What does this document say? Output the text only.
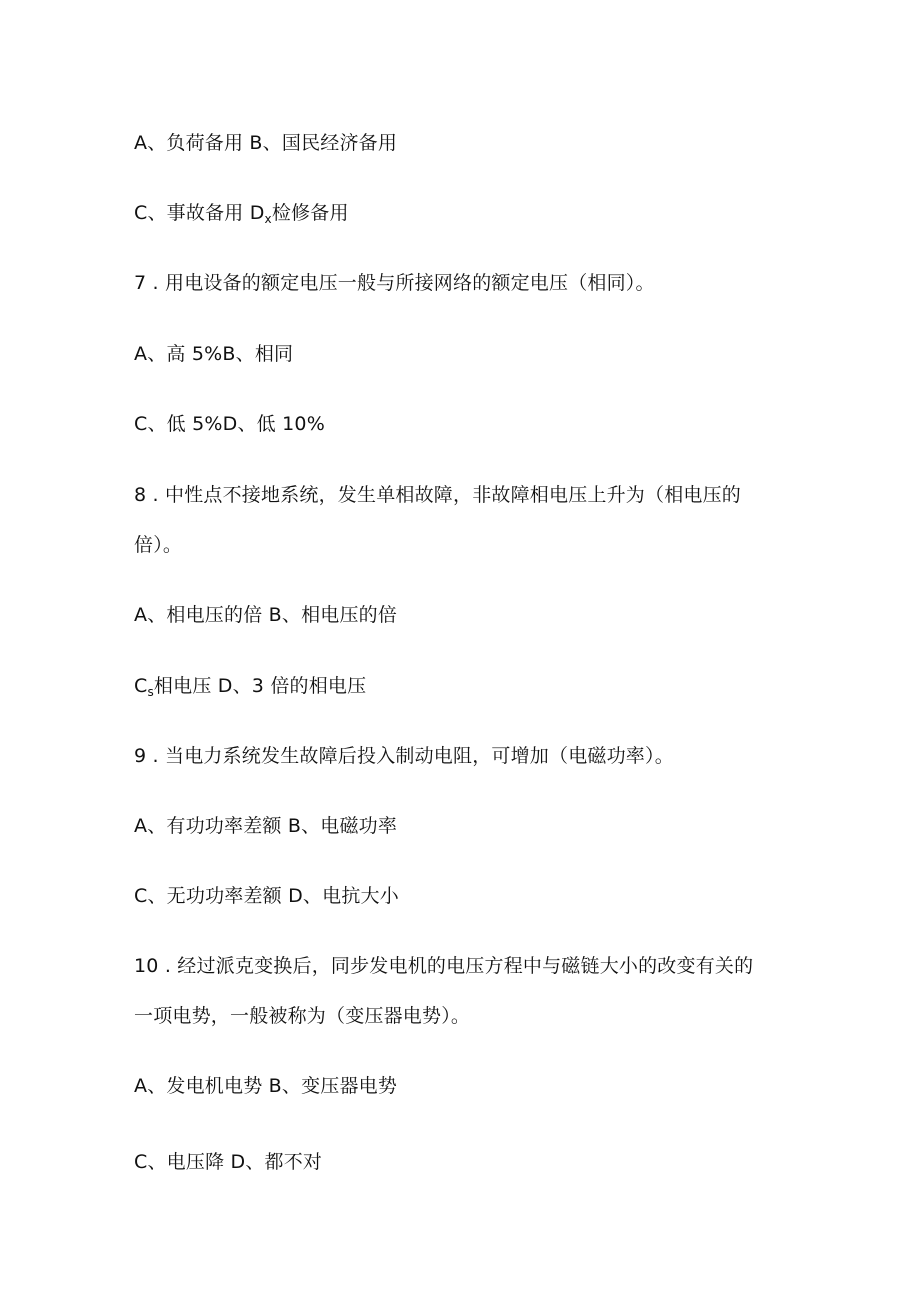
A、负荷备用 B、国民经济备用
C、事故备用 $D_x$检修备用
7 . 用电设备的额定电压一般与所接网络的额定电压（相同）。
A、高 5%B、相同
C、低 5%D、低 10%
8 . 中性点不接地系统，发生单相故障，非故障相电压上升为（相电压的
倍）。
A、相电压的倍 B、相电压的倍
$C_s$相电压 D、3 倍的相电压
9 . 当电力系统发生故障后投入制动电阻，可增加（电磁功率）。
A、有功功率差额 B、电磁功率
C、无功功率差额 D、电抗大小
10 . 经过派克变换后，同步发电机的电压方程中与磁链大小的改变有关的
一项电势，一般被称为（变压器电势）。
A、发电机电势 B、变压器电势
C、电压降 D、都不对
